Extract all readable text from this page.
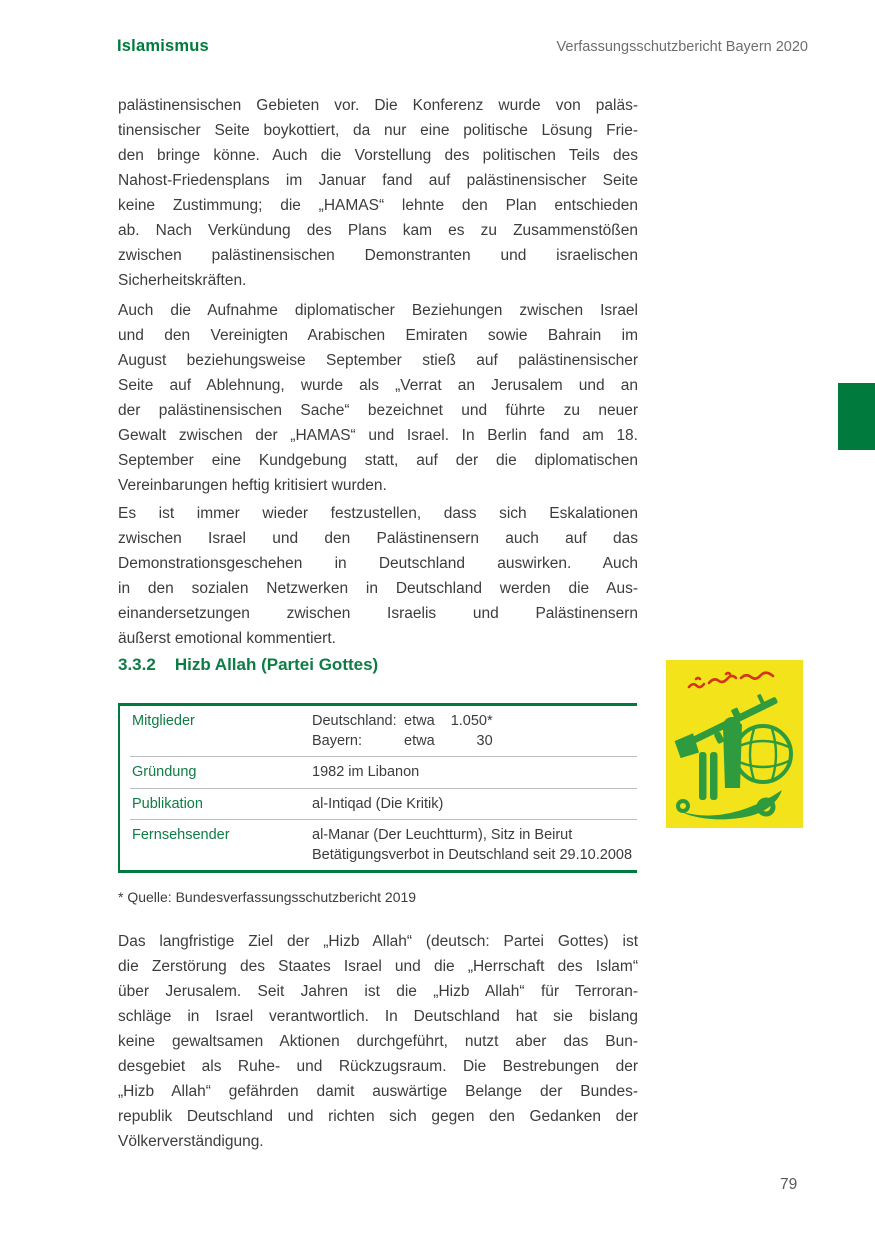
Islamismus	Verfassungsschutzbericht Bayern 2020
palästinensischen Gebieten vor. Die Konferenz wurde von paläs-
tinensischer Seite boykottiert, da nur eine politische Lösung Frie-
den bringe könne. Auch die Vorstellung des politischen Teils des
Nahost-Friedensplans im Januar fand auf palästinensischer Seite
keine Zustimmung; die „HAMAS“ lehnte den Plan entschieden
ab. Nach Verkündung des Plans kam es zu Zusammenstößen
zwischen palästinensischen Demonstranten und israelischen
Sicherheitskräften.
Auch die Aufnahme diplomatischer Beziehungen zwischen Israel
und den Vereinigten Arabischen Emiraten sowie Bahrain im
August beziehungsweise September stieß auf palästinensischer
Seite auf Ablehnung, wurde als „Verrat an Jerusalem und an
der palästinensischen Sache“ bezeichnet und führte zu neuer
Gewalt zwischen der „HAMAS“ und Israel. In Berlin fand am 18.
September eine Kundgebung statt, auf der die diplomatischen
Vereinbarungen heftig kritisiert wurden.
Es ist immer wieder festzustellen, dass sich Eskalationen
zwischen Israel und den Palästinensern auch auf das
Demonstrationsgeschehen in Deutschland auswirken. Auch
in den sozialen Netzwerken in Deutschland werden die Aus-
einandersetzungen zwischen Israelis und Palästinensern
äußerst emotional kommentiert.
3.3.2 Hizb Allah (Partei Gottes)
Mitglieder	Deutschland: etwa	1.050*
Bayern:	etwa	30
Gründung	1982 im Libanon
Publikation	al-Intiqad (Die Kritik)
Fernsehsender	al-Manar (Der Leuchtturm), Sitz in Beirut
Betätigungsverbot in Deutschland seit 29.10.2008
* Quelle: Bundesverfassungsschutzbericht 2019
Das langfristige Ziel der „Hizb Allah“ (deutsch: Partei Gottes) ist
die Zerstörung des Staates Israel und die „Herrschaft des Islam“
über Jerusalem. Seit Jahren ist die „Hizb Allah“ für Terroran-
schläge in Israel verantwortlich. In Deutschland hat sie bislang
keine gewaltsamen Aktionen durchgeführt, nutzt aber das Bun-
desgebiet als Ruhe- und Rückzugsraum. Die Bestrebungen der
„Hizb Allah“ gefährden damit auswärtige Belange der Bundes-
republik Deutschland und richten sich gegen den Gedanken der
Völkerverständigung.
79
